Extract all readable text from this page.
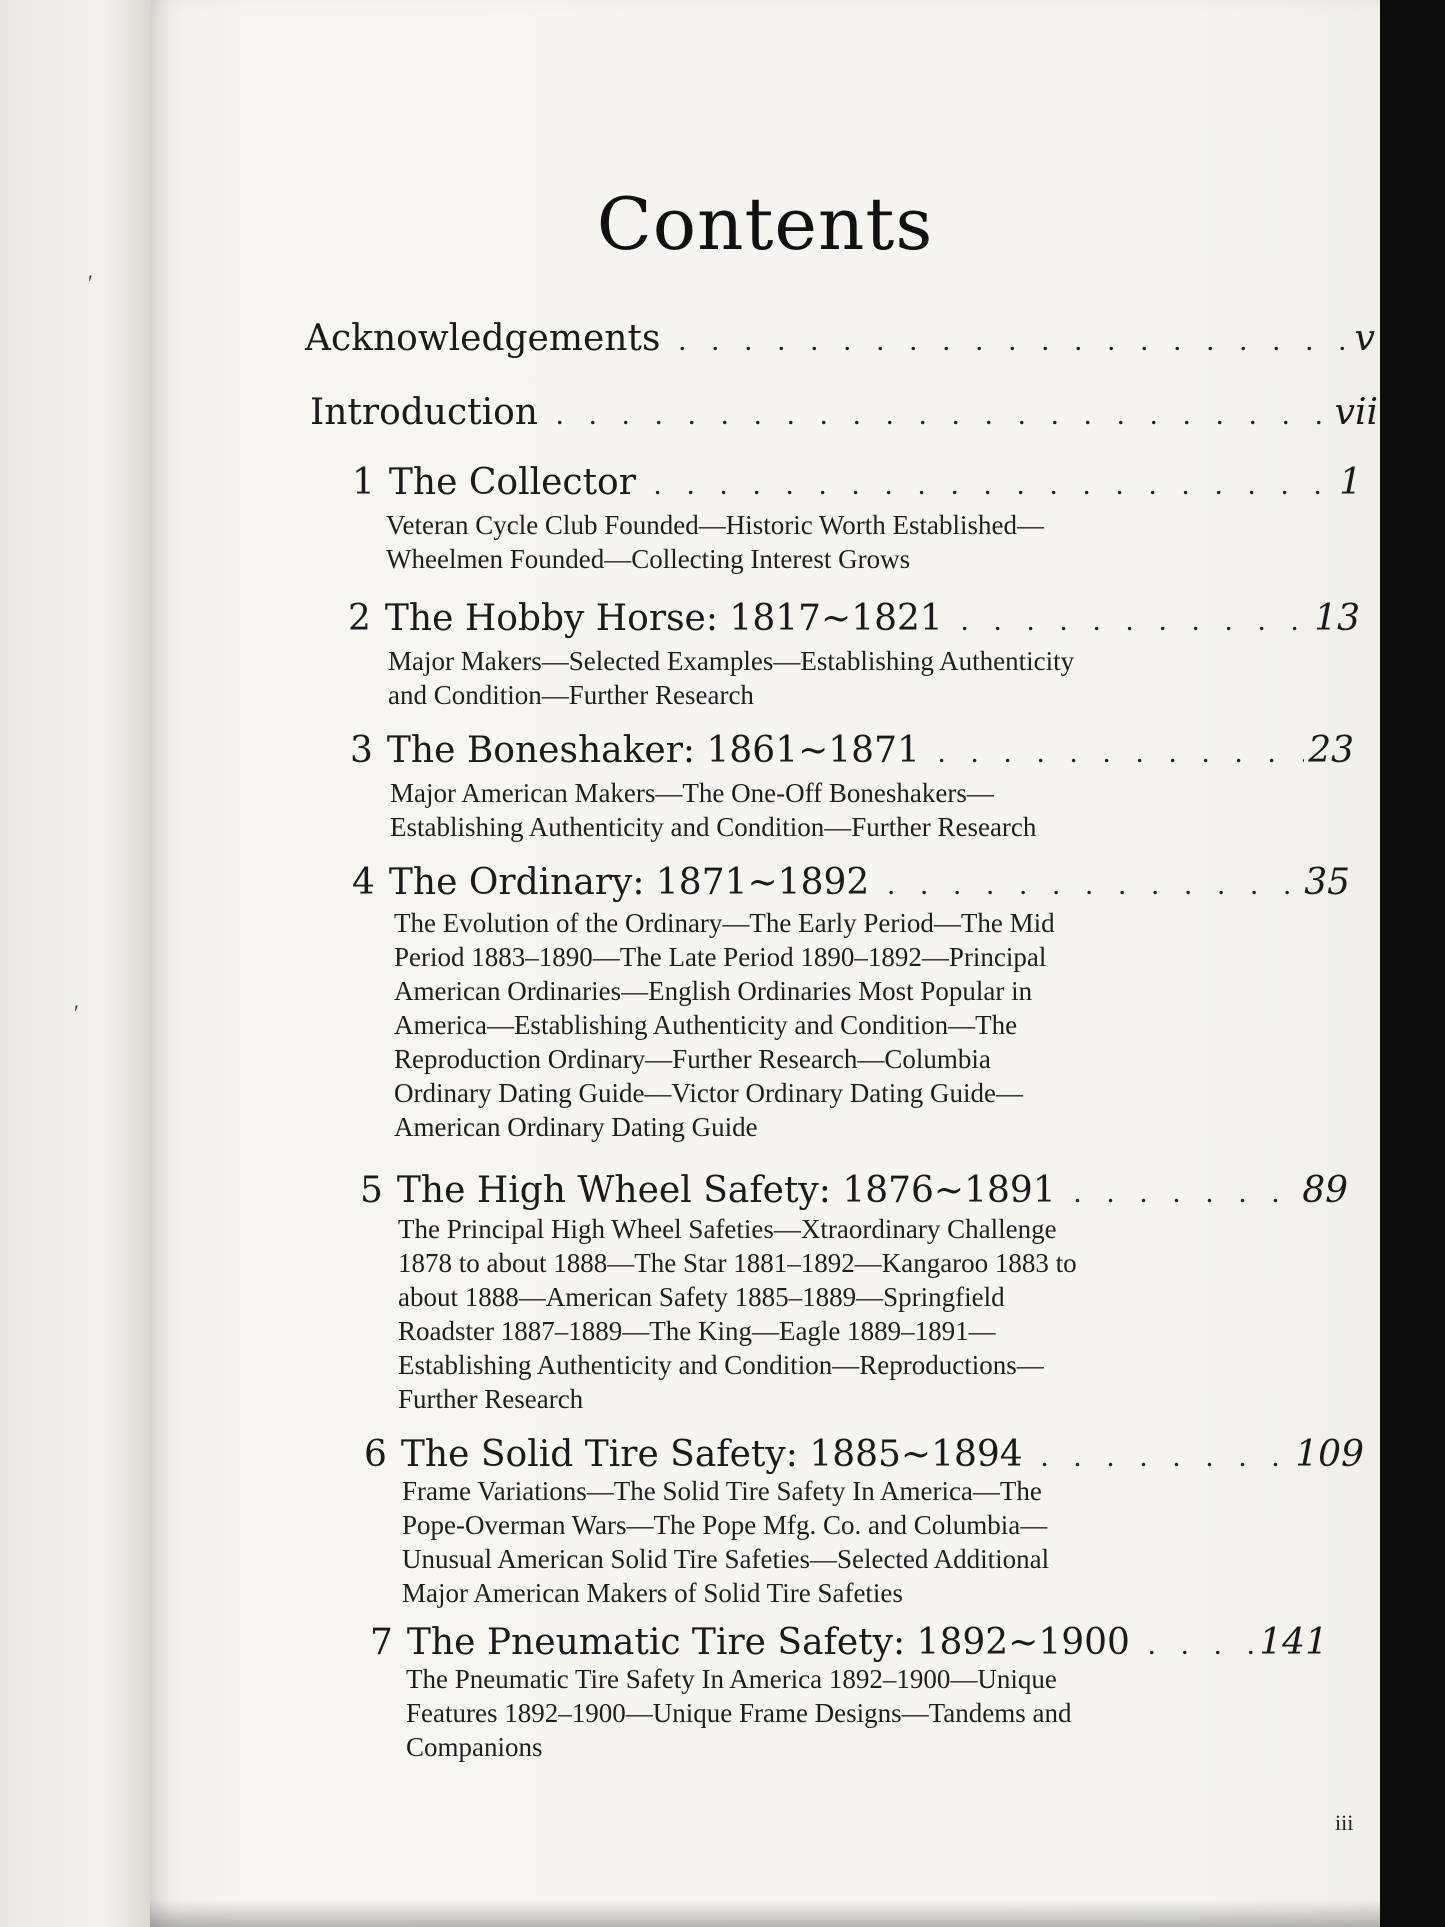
′
′
Contents
Acknowledgements . . .	v
Introduction . . .	vii
1 The Collector . . .	1
Veteran Cycle Club Founded—Historic Worth Established—
Wheelmen Founded—Collecting Interest Grows
2 The Hobby Horse: 1817~1821 . . .	13
Major Makers—Selected Examples—Establishing Authenticity
and Condition—Further Research
3 The Boneshaker: 1861~1871 . . .	23
Major American Makers—The One-Off Boneshakers—
Establishing Authenticity and Condition—Further Research
4 The Ordinary: 1871~1892 . . .	35
The Evolution of the Ordinary—The Early Period—The Mid
Period 1883–1890—The Late Period 1890–1892—Principal
American Ordinaries—English Ordinaries Most Popular in
America—Establishing Authenticity and Condition—The
Reproduction Ordinary—Further Research—Columbia
Ordinary Dating Guide—Victor Ordinary Dating Guide—
American Ordinary Dating Guide
5 The High Wheel Safety: 1876~1891 . . .	89
The Principal High Wheel Safeties—Xtraordinary Challenge
1878 to about 1888—The Star 1881–1892—Kangaroo 1883 to
about 1888—American Safety 1885–1889—Springfield
Roadster 1887–1889—The King—Eagle 1889–1891—
Establishing Authenticity and Condition—Reproductions—
Further Research
6 The Solid Tire Safety: 1885~1894 . . .	109
Frame Variations—The Solid Tire Safety In America—The
Pope-Overman Wars—The Pope Mfg. Co. and Columbia—
Unusual American Solid Tire Safeties—Selected Additional
Major American Makers of Solid Tire Safeties
7 The Pneumatic Tire Safety: 1892~1900 . . .	141
The Pneumatic Tire Safety In America 1892–1900—Unique
Features 1892–1900—Unique Frame Designs—Tandems and
Companions
iii
